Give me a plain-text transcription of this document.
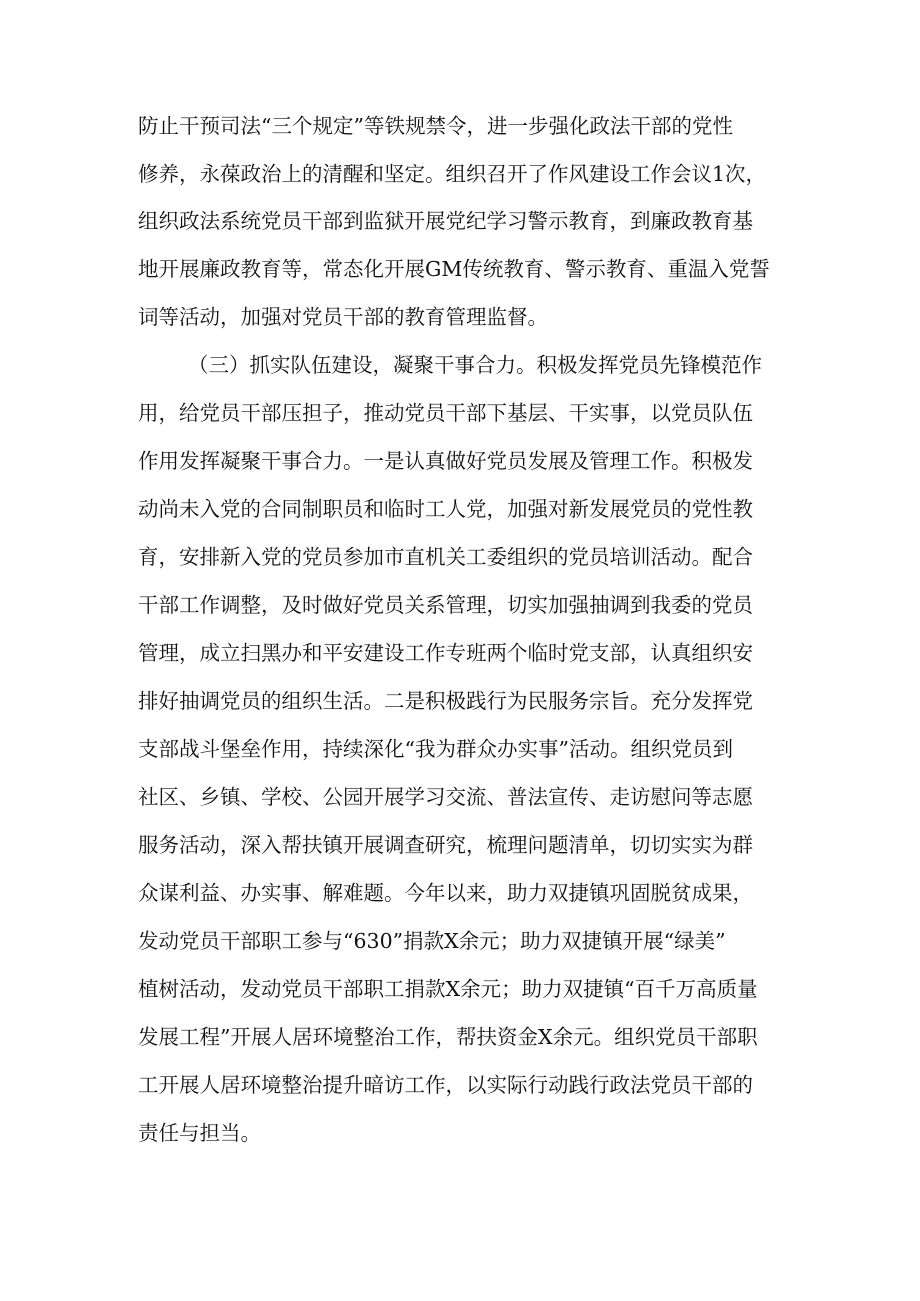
防止干预司法“三个规定”等铁规禁令，进一步强化政法干部的党性
修养，永葆政治上的清醒和坚定。组织召开了作风建设工作会议1次，
组织政法系统党员干部到监狱开展党纪学习警示教育，到廉政教育基
地开展廉政教育等，常态化开展GM传统教育、警示教育、重温入党誓
词等活动，加强对党员干部的教育管理监督。
（三）抓实队伍建设，凝聚干事合力。积极发挥党员先锋模范作
用，给党员干部压担子，推动党员干部下基层、干实事，以党员队伍
作用发挥凝聚干事合力。一是认真做好党员发展及管理工作。积极发
动尚未入党的合同制职员和临时工人党，加强对新发展党员的党性教
育，安排新入党的党员参加市直机关工委组织的党员培训活动。配合
干部工作调整，及时做好党员关系管理，切实加强抽调到我委的党员
管理，成立扫黑办和平安建设工作专班两个临时党支部，认真组织安
排好抽调党员的组织生活。二是积极践行为民服务宗旨。充分发挥党
支部战斗堡垒作用，持续深化“我为群众办实事”活动。组织党员到
社区、乡镇、学校、公园开展学习交流、普法宣传、走访慰问等志愿
服务活动，深入帮扶镇开展调查研究，梳理问题清单，切切实实为群
众谋利益、办实事、解难题。今年以来，助力双捷镇巩固脱贫成果，
发动党员干部职工参与“630”捐款X余元；助力双捷镇开展“绿美”
植树活动，发动党员干部职工捐款X余元；助力双捷镇“百千万高质量
发展工程”开展人居环境整治工作，帮扶资金X余元。组织党员干部职
工开展人居环境整治提升暗访工作，以实际行动践行政法党员干部的
责任与担当。
